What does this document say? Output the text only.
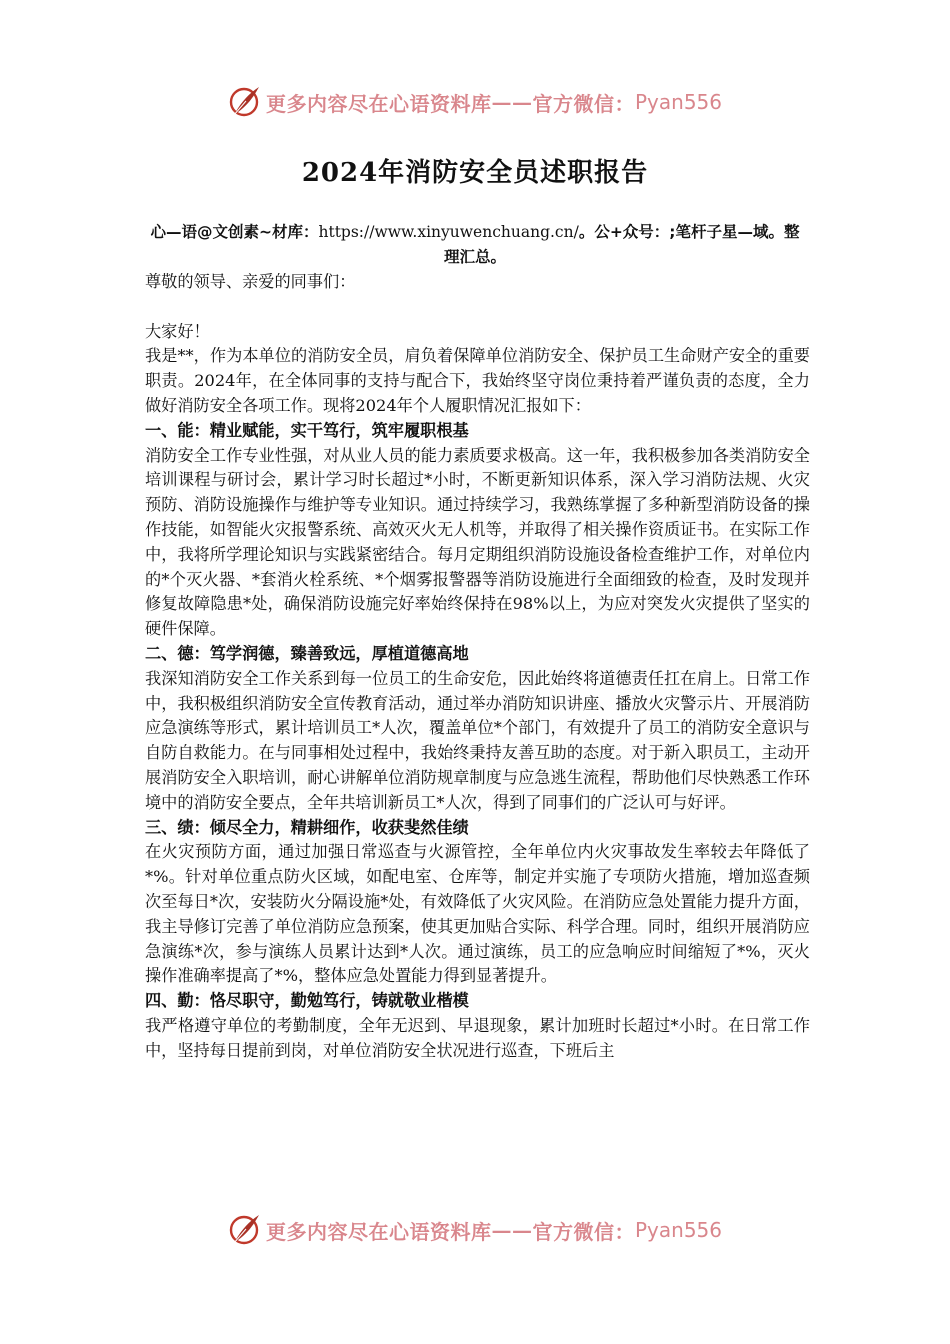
更多内容尽在心语资料库 —— 官方微信： Pyan556
2024年消防安全员述职报告
心—语@文创素~材库：https://www.xinyuwenchuang.cn/。公+众号：;笔杆子星—域。整理汇总。

尊敬的领导、亲爱的同事们：

大家好！

我是**，作为本单位的消防安全员，肩负着保障单位消防安全、保护员工生命财产安全的重要职责。2024年，在全体同事的支持与配合下，我始终坚守岗位秉持着严谨负责的态度，全力做好消防安全各项工作。现将2024年个人履职情况汇报如下：

一、能：精业赋能，实干笃行，筑牢履职根基

消防安全工作专业性强，对从业人员的能力素质要求极高。这一年，我积极参加各类消防安全培训课程与研讨会，累计学习时长超过*小时，不断更新知识体系，深入学习消防法规、火灾预防、消防设施操作与维护等专业知识。通过持续学习，我熟练掌握了多种新型消防设备的操作技能，如智能火灾报警系统、高效灭火无人机等，并取得了相关操作资质证书。在实际工作中，我将所学理论知识与实践紧密结合。每月定期组织消防设施设备检查维护工作，对单位内的*个灭火器、*套消火栓系统、*个烟雾报警器等消防设施进行全面细致的检查，及时发现并修复故障隐患*处，确保消防设施完好率始终保持在98%以上，为应对突发火灾提供了坚实的硬件保障。

二、德：笃学润德，臻善致远，厚植道德高地

我深知消防安全工作关系到每一位员工的生命安危，因此始终将道德责任扛在肩上。日常工作中，我积极组织消防安全宣传教育活动，通过举办消防知识讲座、播放火灾警示片、开展消防应急演练等形式，累计培训员工*人次，覆盖单位*个部门，有效提升了员工的消防安全意识与自防自救能力。在与同事相处过程中，我始终秉持友善互助的态度。对于新入职员工，主动开展消防安全入职培训，耐心讲解单位消防规章制度与应急逃生流程，帮助他们尽快熟悉工作环境中的消防安全要点，全年共培训新员工*人次，得到了同事们的广泛认可与好评。

三、绩：倾尽全力，精耕细作，收获斐然佳绩

在火灾预防方面，通过加强日常巡查与火源管控，全年单位内火灾事故发生率较去年降低了*%。针对单位重点防火区域，如配电室、仓库等，制定并实施了专项防火措施，增加巡查频次至每日*次，安装防火分隔设施*处，有效降低了火灾风险。在消防应急处置能力提升方面，我主导修订完善了单位消防应急预案，使其更加贴合实际、科学合理。同时，组织开展消防应急演练*次，参与演练人员累计达到*人次。通过演练，员工的应急响应时间缩短了*%，灭火操作准确率提高了*%，整体应急处置能力得到显著提升。

四、勤：恪尽职守，勤勉笃行，铸就敬业楷模

我严格遵守单位的考勤制度，全年无迟到、早退现象，累计加班时长超过*小时。在日常工作中，坚持每日提前到岗，对单位消防安全状况进行巡查，下班后主

更多内容尽在心语资料库 —— 官方微信： Pyan556
